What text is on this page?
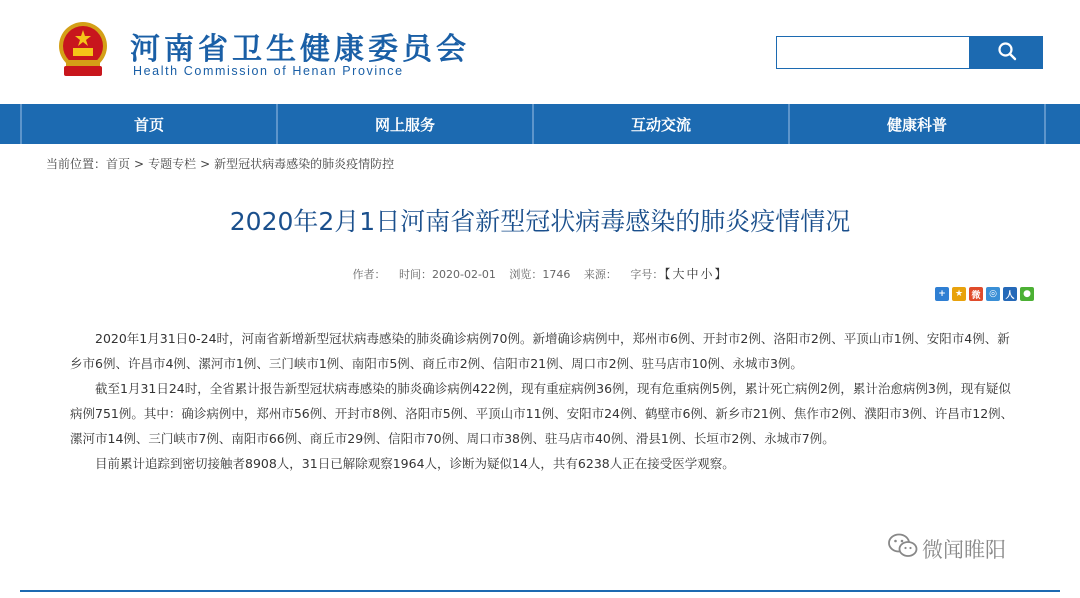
河南省卫生健康委员会
Health Commission of Henan Province
首页	网上服务	互动交流	健康科普
当前位置： 首页 > 专题专栏 > 新型冠状病毒感染的肺炎疫情防控
2020年2月1日河南省新型冠状病毒感染的肺炎疫情情况
作者： 时间：2020-02-01 浏览：1746 来源： 字号：【 大 中 小 】
+	★ 微 ◎ 人 ●

2020年1月31日0-24时，河南省新增新型冠状病毒感染的肺炎确诊病例70例。新增确诊病例中，郑州市6例、开封市2例、洛阳市2例、平顶山市1例、安阳市4例、新乡市6例、许昌市4例、漯河市1例、三门峡市1例、南阳市5例、商丘市2例、信阳市21例、周口市2例、驻马店市10例、永城市3例。

截至1月31日24时，全省累计报告新型冠状病毒感染的肺炎确诊病例422例，现有重症病例36例，现有危重病例5例，累计死亡病例2例，累计治愈病例3例，现有疑似病例751例。其中：确诊病例中，郑州市56例、开封市8例、洛阳市5例、平顶山市11例、安阳市24例、鹤壁市6例、新乡市21例、焦作市2例、濮阳市3例、许昌市12例、漯河市14例、三门峡市7例、南阳市66例、商丘市29例、信阳市70例、周口市38例、驻马店市40例、滑县1例、长垣市2例、永城市7例。

目前累计追踪到密切接触者8908人，31日已解除观察1964人，诊断为疑似14人，共有6238人正在接受医学观察。

微闻睢阳
